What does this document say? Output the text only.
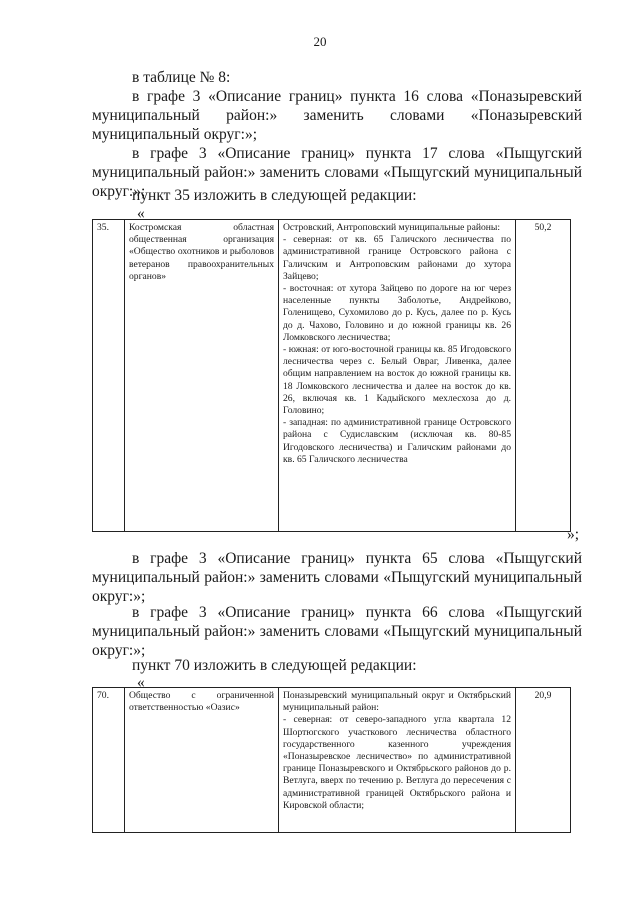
20
в таблице № 8:
в графе 3 «Описание границ» пункта 16 слова «Поназыревский
муниципальный район:» заменить словами «Поназыревский
муниципальный округ:»;
в графе 3 «Описание границ» пункта 17 слова «Пыщугский
муниципальный район:» заменить словами «Пыщугский муниципальный
округ:»;
пункт 35 изложить в следующей редакции:
«
35.	Костромская областная общественная организация «Общество охотников и рыболовов ветеранов правоохранительных органов»	
Островский, Антроповский муниципальные районы:
- северная: от кв. 65 Галичского лесничества по административной границе Островского района с Галичским и Антроповским районами до хутора Зайцево;
- восточная: от хутора Зайцево по дороге на юг через населенные пункты Заболотье, Андрейково, Голенищево, Сухомилово до р. Кусь, далее по р. Кусь до д. Чахово, Головино и до южной границы кв. 26 Ломковского лесничества;
- южная: от юго-восточной границы кв. 85 Игодовского лесничества через с. Белый Овраг, Ливенка, далее общим направлением на восток до южной границы кв. 18 Ломковского лесничества и далее на восток до кв. 26, включая кв. 1 Кадыйского мехлесхоза до д. Головино;
- западная: по административной границе Островского района с Судиславским (исключая кв. 80-85 Игодовского лесничества) и Галичским районами до кв. 65 Галичского лесничества
	50,2
»;
в графе 3 «Описание границ» пункта 65 слова «Пыщугский
муниципальный район:» заменить словами «Пыщугский муниципальный
округ:»;
в графе 3 «Описание границ» пункта 66 слова «Пыщугский
муниципальный район:» заменить словами «Пыщугский муниципальный
округ:»;
пункт 70 изложить в следующей редакции:
«
70.	Общество с ограниченной ответственностью «Оазис»	
Поназыревский муниципальный округ и Октябрьский муниципальный район:
- северная: от северо-западного угла квартала 12 Шортюгского участкового лесничества областного государственного казенного учреждения «Поназыревское лесничество» по административной границе Поназыревского и Октябрьского районов до р. Ветлуга, вверх по течению р. Ветлуга до пересечения с административной границей Октябрьского района и Кировской области;
	20,9
